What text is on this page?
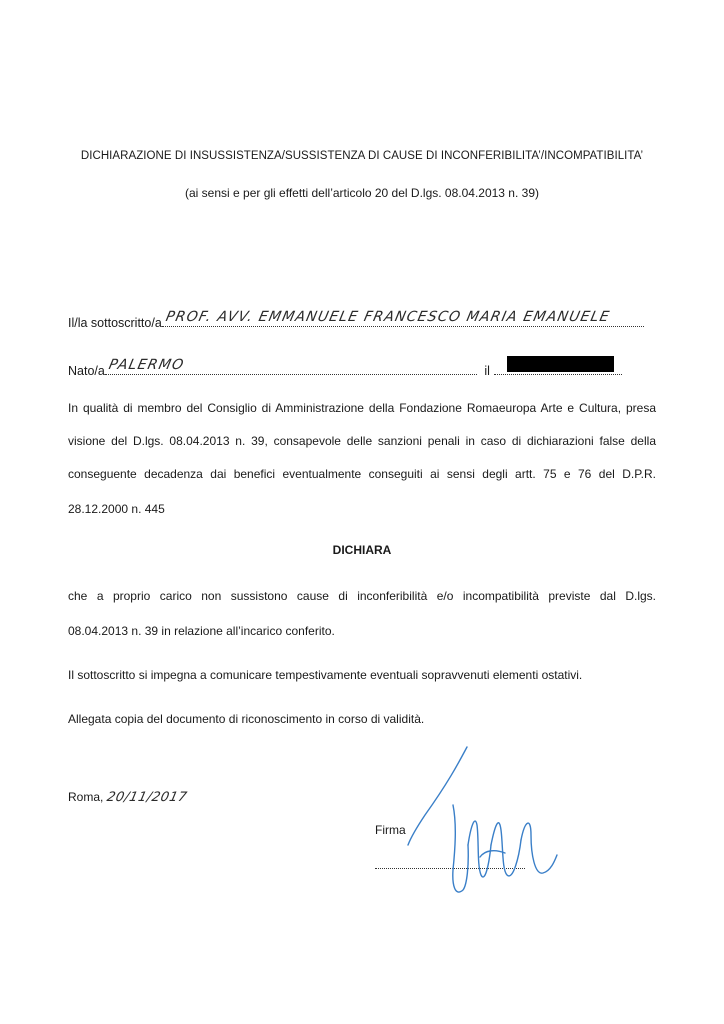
DICHIARAZIONE DI INSUSSISTENZA/SUSSISTENZA DI CAUSE DI INCONFERIBILITA’/INCOMPATIBILITA’
(ai sensi e per gli effetti dell’articolo 20 del D.lgs. 08.04.2013 n. 39)
Il/la sottoscritto/a PROF. AVV. EMMANUELE FRANCESCO MARIA EMANUELE
Nato/a PALERMO	il
In qualità di membro del Consiglio di Amministrazione della Fondazione Romaeuropa Arte e Cultura, presa
visione del D.lgs. 08.04.2013 n. 39, consapevole delle sanzioni penali in caso di dichiarazioni false della
conseguente decadenza dai benefici eventualmente conseguiti ai sensi degli artt. 75 e 76 del D.P.R.
28.12.2000 n. 445
DICHIARA
che a proprio carico non sussistono cause di inconferibilità e/o incompatibilità previste dal D.lgs.
08.04.2013 n. 39 in relazione all’incarico conferito.
Il sottoscritto si impegna a comunicare tempestivamente eventuali sopravvenuti elementi ostativi.
Allegata copia del documento di riconoscimento in corso di validità.
Roma, 20/11/2017
Firma
